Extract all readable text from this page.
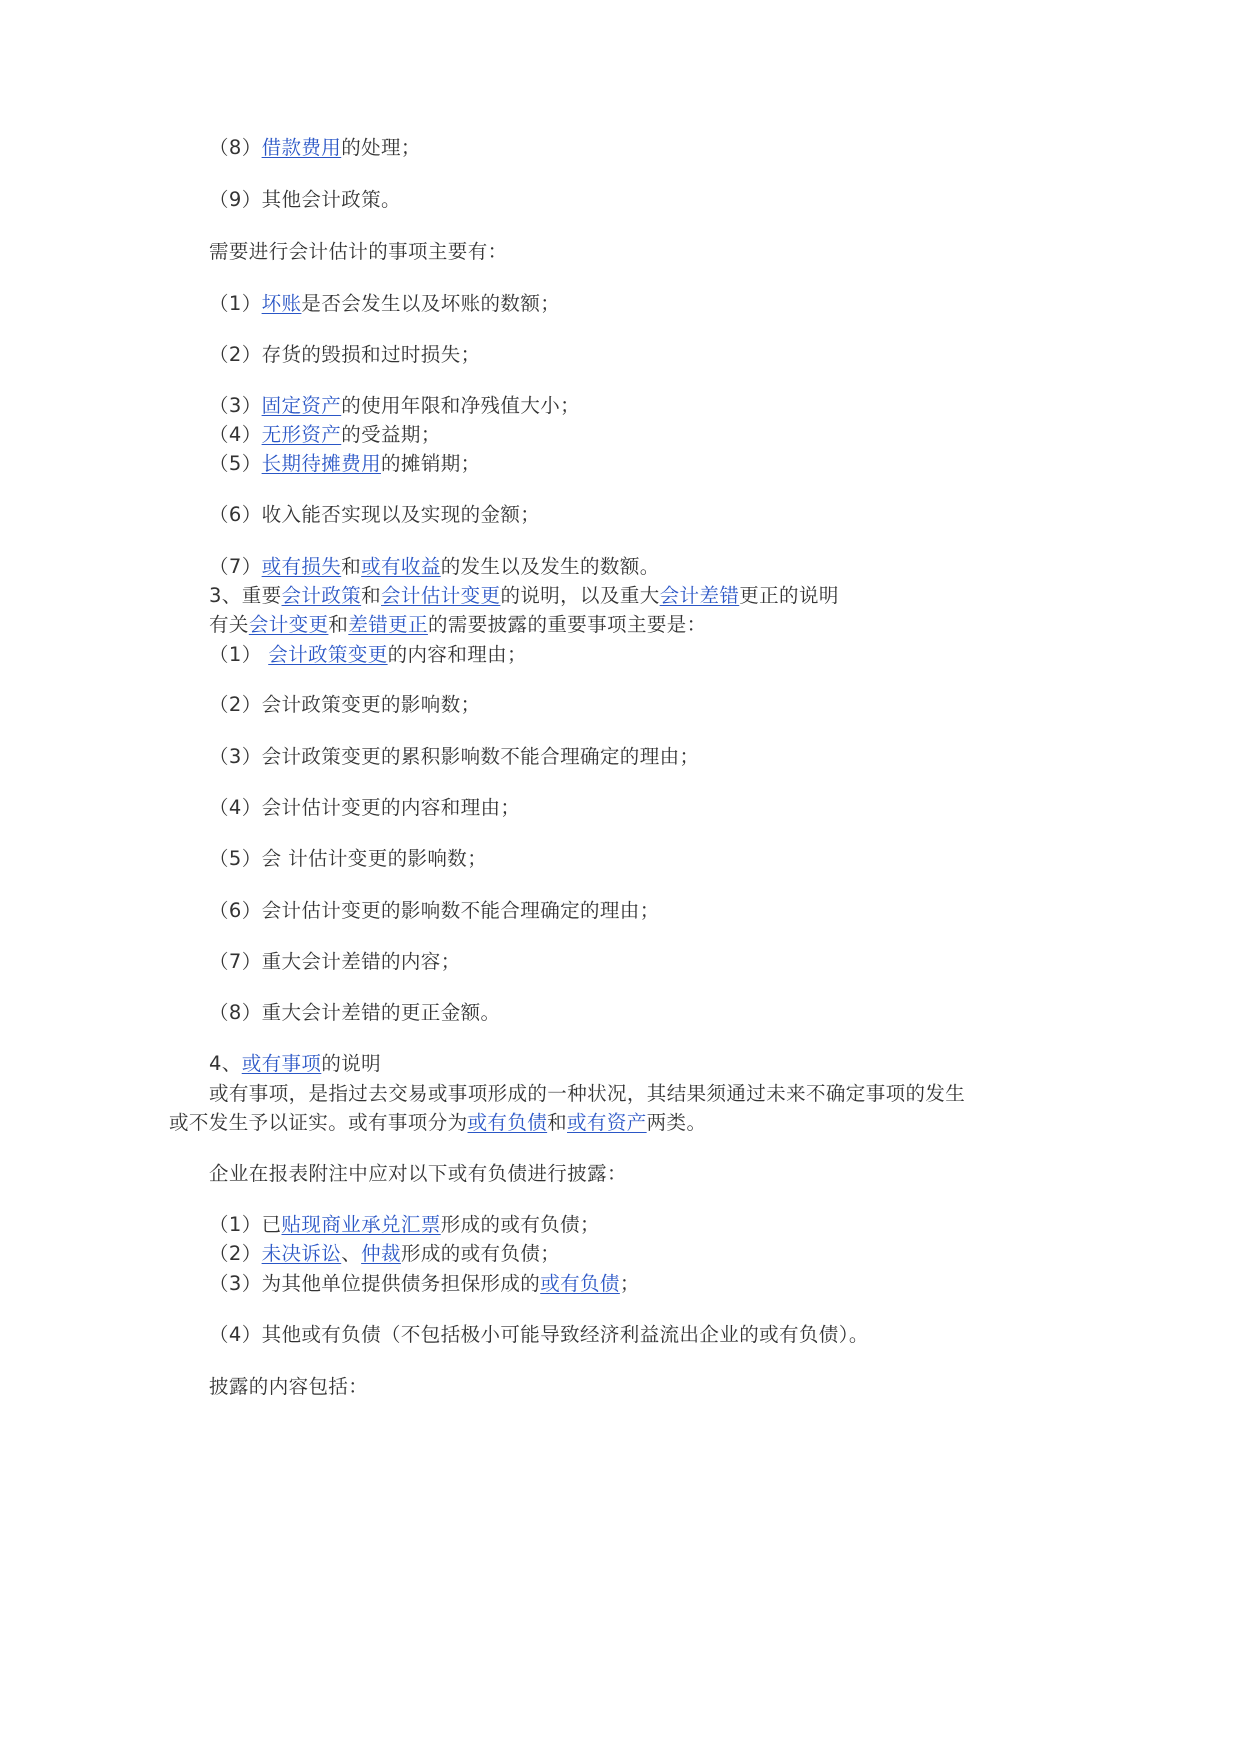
（8）借款费用的处理；
（9）其他会计政策。
需要进行会计估计的事项主要有：
（1）坏账是否会发生以及坏账的数额；
（2）存货的毁损和过时损失；
（3）固定资产的使用年限和净残值大小；
（4）无形资产的受益期；
（5）长期待摊费用的摊销期；
（6）收入能否实现以及实现的金额；
（7）或有损失和或有收益的发生以及发生的数额。
3、重要会计政策和会计估计变更的说明，以及重大会计差错更正的说明
有关会计变更和差错更正的需要披露的重要事项主要是：
（1） 会计政策变更的内容和理由；
（2）会计政策变更的影响数；
（3）会计政策变更的累积影响数不能合理确定的理由；
（4）会计估计变更的内容和理由；
（5）会 计估计变更的影响数；
（6）会计估计变更的影响数不能合理确定的理由；
（7）重大会计差错的内容；
（8）重大会计差错的更正金额。
4、或有事项的说明
或有事项，是指过去交易或事项形成的一种状况，其结果须通过未来不确定事项的发生
或不发生予以证实。或有事项分为或有负债和或有资产两类。
企业在报表附注中应对以下或有负债进行披露：
（1）已贴现商业承兑汇票形成的或有负债；
（2）未决诉讼、仲裁形成的或有负债；
（3）为其他单位提供债务担保形成的或有负债；
（4）其他或有负债（不包括极小可能导致经济利益流出企业的或有负债）。
披露的内容包括：
